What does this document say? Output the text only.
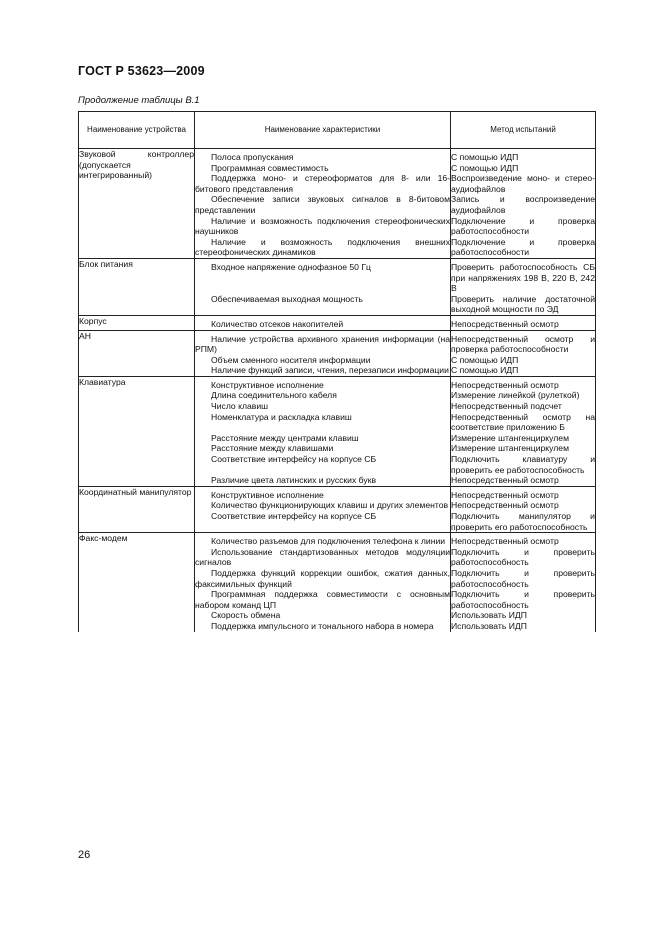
ГОСТ Р 53623—2009
Продолжение таблицы В.1
Наименование устройства	Наименование характеристики	Метод испытаний
Звуковой контроллер (допускается интегрированный)	Полоса пропускания	С помощью ИДП
	Программная совместимость	С помощью ИДП
	Поддержка моно- и стереоформатов для 8- или 16-битового представления	Воспроизведение моно- и стерео-аудиофайлов
	Обеспечение записи звуковых сигналов в 8-битовом представлении	Запись и воспроизведение аудиофайлов
	Наличие и возможность подключения стереофонических наушников	Подключение и проверка работоспособности
	Наличие и возможность подключения внешних стереофонических динамиков	Подключение и проверка работоспособности
Блок питания	Входное напряжение однофазное 50 Гц	Проверить работоспособность СБ при напряжениях 198 В, 220 В, 242 В
	Обеспечиваемая выходная мощность	Проверить наличие достаточной выходной мощности по ЭД
Корпус	Количество отсеков накопителей	Непосредственный осмотр
АН	Наличие устройства архивного хранения информации (на РПМ)	Непосредственный осмотр и проверка работоспособности
	Объем сменного носителя информации	С помощью ИДП
	Наличие функций записи, чтения, перезаписи информации	С помощью ИДП
Клавиатура	Конструктивное исполнение	Непосредственный осмотр
	Длина соединительного кабеля	Измерение линейкой (рулеткой)
	Число клавиш	Непосредственный подсчет
	Номенклатура и раскладка клавиш	Непосредственный осмотр на соответствие приложению Б
	Расстояние между центрами клавиш	Измерение штангенциркулем
	Расстояние между клавишами	Измерение штангенциркулем
	Соответствие интерфейсу на корпусе СБ	Подключить клавиатуру и проверить ее работоспособность
	Различие цвета латинских и русских букв	Непосредственный осмотр
Координатный манипулятор	Конструктивное исполнение	Непосредственный осмотр
	Количество функционирующих клавиш и других элементов	Непосредственный осмотр
	Соответствие интерфейсу на корпусе СБ	Подключить манипулятор и проверить его работоспособность
Факс-модем	Количество разъемов для подключения телефона к линии	Непосредственный осмотр
	Использование стандартизованных методов модуляции сигналов	Подключить и проверить работоспособность
	Поддержка функций коррекции ошибок, сжатия данных, факсимильных функций	Подключить и проверить работоспособность
	Программная поддержка совместимости с основным набором команд ЦП	Подключить и проверить работоспособность
	Скорость обмена	Использовать ИДП
	Поддержка импульсного и тонального набора в номера	Использовать ИДП
26
